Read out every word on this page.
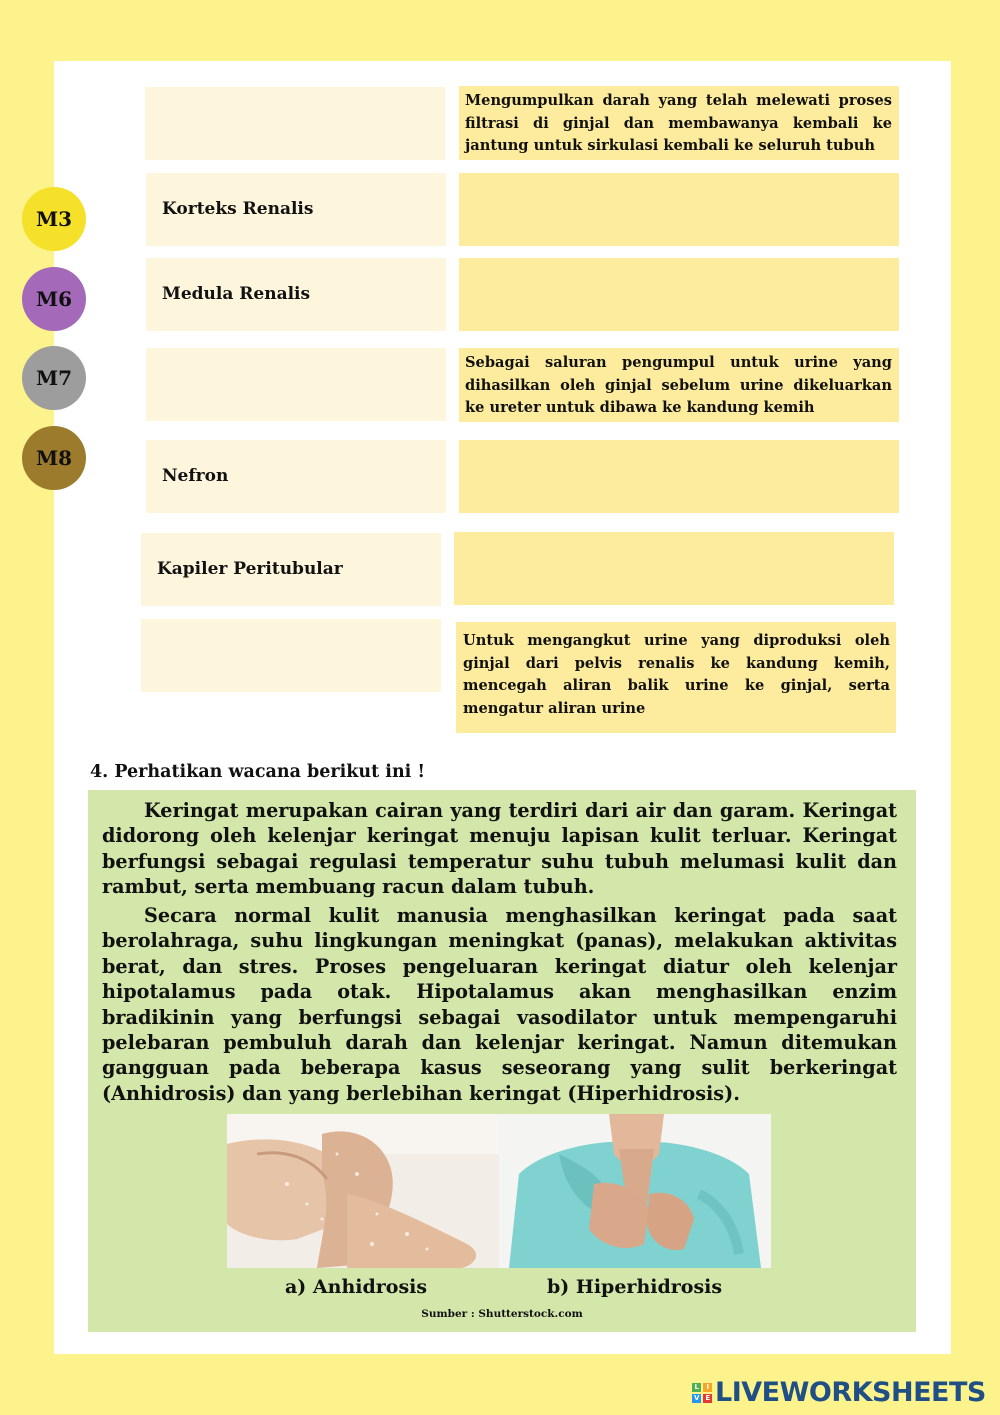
M3
M6
M7
M8
Mengumpulkan darah yang telah melewati proses filtrasi di ginjal dan membawanya kembali ke jantung untuk sirkulasi kembali ke seluruh tubuh
Korteks Renalis
Medula Renalis
Sebagai saluran pengumpul untuk urine yang dihasilkan oleh ginjal sebelum urine dikeluarkan ke ureter untuk dibawa ke kandung kemih
Nefron
Kapiler Peritubular
Untuk mengangkut urine yang diproduksi oleh ginjal dari pelvis renalis ke kandung kemih, mencegah aliran balik urine ke ginjal, serta mengatur aliran urine
4. Perhatikan wacana berikut ini !
Keringat merupakan cairan yang terdiri dari air dan garam. Keringat didorong oleh kelenjar keringat menuju lapisan kulit terluar. Keringat berfungsi sebagai regulasi temperatur suhu tubuh melumasi kulit dan rambut, serta membuang racun dalam tubuh.
Secara normal kulit manusia menghasilkan keringat pada saat berolahraga, suhu lingkungan meningkat (panas), melakukan aktivitas berat, dan stres. Proses pengeluaran keringat diatur oleh kelenjar hipotalamus pada otak. Hipotalamus akan menghasilkan enzim bradikinin yang berfungsi sebagai vasodilator untuk mempengaruhi pelebaran pembuluh darah dan kelenjar keringat. Namun ditemukan gangguan pada beberapa kasus seseorang yang sulit berkeringat (Anhidrosis) dan yang berlebihan keringat (Hiperhidrosis).
a) Anhidrosis	b) Hiperhidrosis
Sumber : Shutterstock.com
L	I
V E LIVEWORKSHEETS
